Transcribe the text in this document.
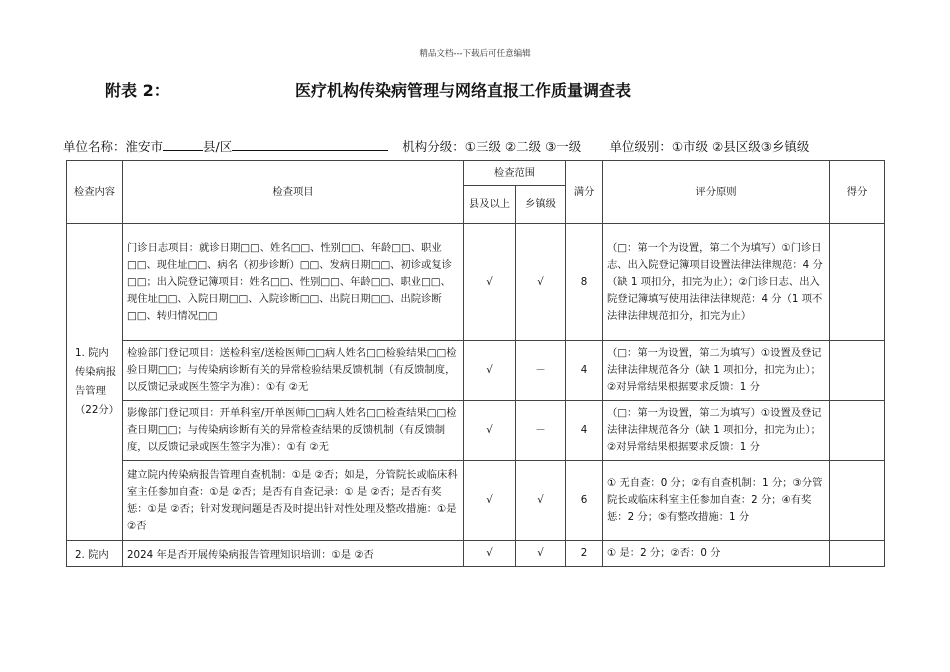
精品文档---下载后可任意编辑
附表 2：	医疗机构传染病管理与网络直报工作质量调查表
单位名称：淮安市	县/区	机构分级：①三级 ②二级 ③一级 单位级别：①市级 ②县区级③乡镇级
检查内容	检查项目	检查范围		满分	评分原则	得分
		县及以上	乡镇级			
1. 院内传染病报告管理（22分）	门诊日志项目：就诊日期□□、姓名□□、性别□□、年龄□□、职业□□、现住址□□、病名（初步诊断）□□、发病日期□□、初诊或复诊□□；出入院登记簿项目：姓名□□、性别□□、年龄□□、职业□□、现住址□□、入院日期□□、入院诊断□□、出院日期□□、出院诊断□□、转归情况□□	√	√	8	（□：第一个为设置，第二个为填写）①门诊日志、出入院登记簿项目设置法律法律规范：4 分（缺 1 项扣分，扣完为止）；②门诊日志、出入院登记簿填写使用法律法律规范：4 分（1 项不法律法律规范扣分，扣完为止）	
	检验部门登记项目：送检科室/送检医师□□病人姓名□□检验结果□□检验日期□□；与传染病诊断有关的异常检验结果反馈机制（有反馈制度，以反馈记录或医生签字为准）：①有 ②无	√	－	4	（□：第一为设置，第二为填写）①设置及登记法律法律规范各分（缺 1 项扣分，扣完为止）；②对异常结果根据要求反馈：1 分	
	影像部门登记项目：开单科室/开单医师□□病人姓名□□检查结果□□检查日期□□；与传染病诊断有关的异常检查结果的反馈机制（有反馈制度，以反馈记录或医生签字为准）：①有 ②无	√	－	4	（□：第一为设置，第二为填写）①设置及登记法律法律规范各分（缺 1 项扣分，扣完为止）；②对异常结果根据要求反馈：1 分	
	建立院内传染病报告管理自查机制：①是 ②否；如是，分管院长或临床科室主任参加自查：①是 ②否；是否有自查记录：① 是 ②否；是否有奖惩：①是 ②否；针对发现问题是否及时提出针对性处理及整改措施：①是 ②否	√	√	6	① 无自查：0 分；②有自查机制：1 分；③分管院长或临床科室主任参加自查：2 分；④有奖惩：2 分；⑤有整改措施：1 分	
2. 院内	2024 年是否开展传染病报告管理知识培训：①是 ②否	√	√	2	① 是：2 分；②否：0 分	
